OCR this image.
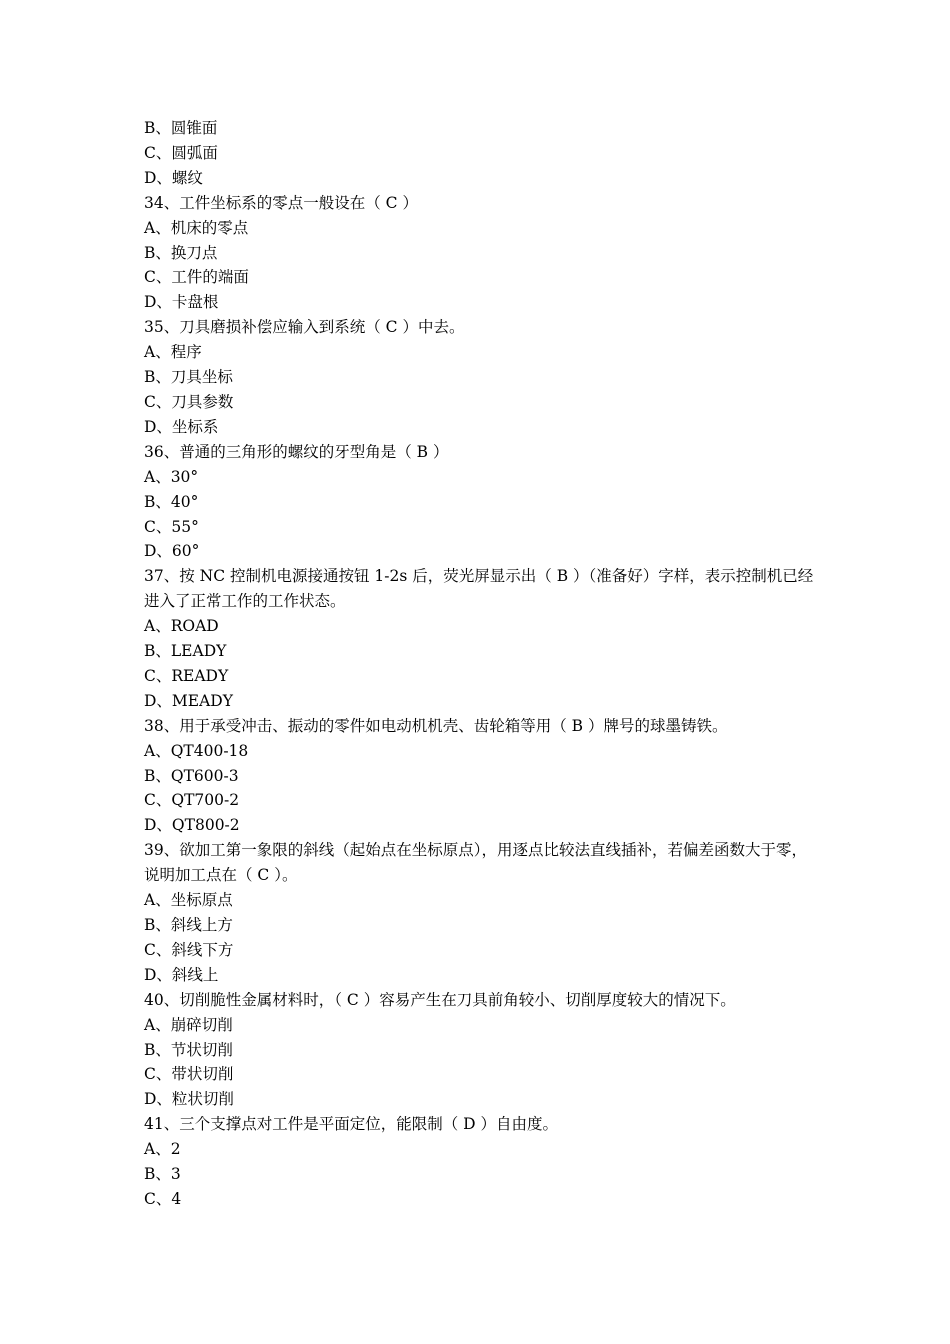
B、圆锥面
C、圆弧面
D、螺纹
34、工件坐标系的零点一般设在（ C ）
A、机床的零点
B、换刀点
C、工件的端面
D、卡盘根
35、刀具磨损补偿应输入到系统（ C ）中去。
A、程序
B、刀具坐标
C、刀具参数
D、坐标系
36、普通的三角形的螺纹的牙型角是（ B ）
A、30°
B、40°
C、55°
D、60°
37、按 NC 控制机电源接通按钮 1-2s 后，荧光屏显示出（ B ）（准备好）字样，表示控制机已经进入了正常工作的工作状态。
A、ROAD
B、LEADY
C、READY
D、MEADY
38、用于承受冲击、振动的零件如电动机机壳、齿轮箱等用（ B ）牌号的球墨铸铁。
A、QT400-18
B、QT600-3
C、QT700-2
D、QT800-2
39、欲加工第一象限的斜线（起始点在坐标原点），用逐点比较法直线插补，若偏差函数大于零，说明加工点在（ C ）。
A、坐标原点
B、斜线上方
C、斜线下方
D、斜线上
40、切削脆性金属材料时，（ C ）容易产生在刀具前角较小、切削厚度较大的情况下。
A、崩碎切削
B、节状切削
C、带状切削
D、粒状切削
41、三个支撑点对工件是平面定位，能限制（ D ）自由度。
A、2
B、3
C、4
